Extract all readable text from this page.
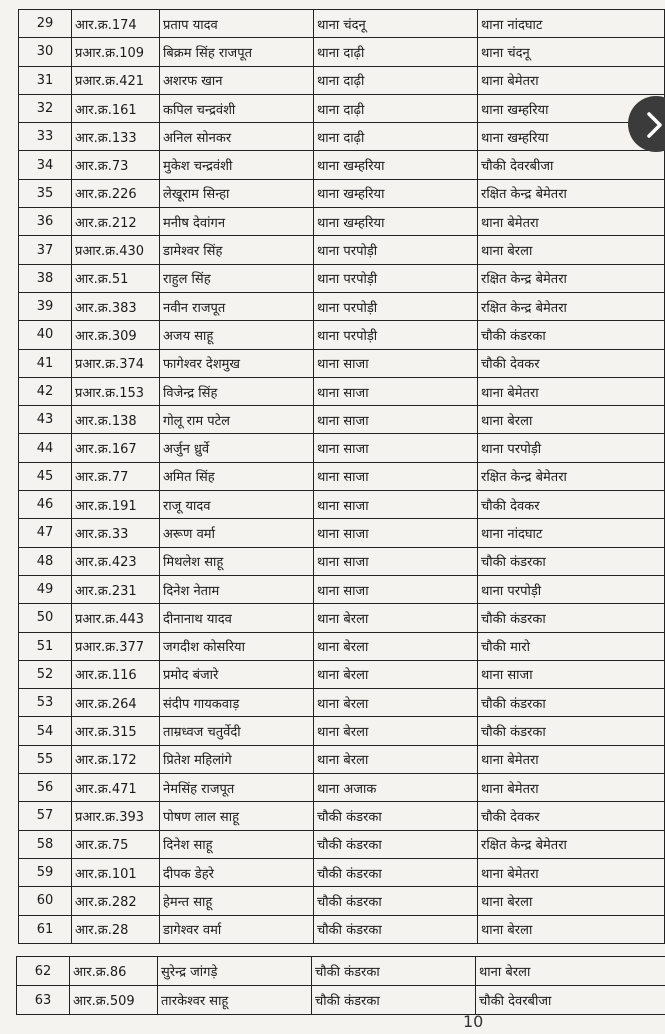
29	आर.क्र.174	प्रताप यादव	थाना चंदनू	थाना नांदघाट
30	प्रआर.क्र.109	बिक्रम सिंह राजपूत	थाना दाढ़ी	थाना चंदनू
31	प्रआर.क्र.421	अशरफ खान	थाना दाढ़ी	थाना बेमेतरा
32	आर.क्र.161	कपिल चन्द्रवंशी	थाना दाढ़ी	थाना खम्हरिया
33	आर.क्र.133	अनिल सोनकर	थाना दाढ़ी	थाना खम्हरिया
34	आर.क्र.73	मुकेश चन्द्रवंशी	थाना खम्हरिया	चौकी देवरबीजा
35	आर.क्र.226	लेखूराम सिन्हा	थाना खम्हरिया	रक्षित केन्द्र बेमेतरा
36	आर.क्र.212	मनीष देवांगन	थाना खम्हरिया	थाना बेमेतरा
37	प्रआर.क्र.430	डामेश्वर सिंह	थाना परपोड़ी	थाना बेरला
38	आर.क्र.51	राहुल सिंह	थाना परपोड़ी	रक्षित केन्द्र बेमेतरा
39	आर.क्र.383	नवीन राजपूत	थाना परपोड़ी	रक्षित केन्द्र बेमेतरा
40	आर.क्र.309	अजय साहू	थाना परपोड़ी	चौकी कंडरका
41	प्रआर.क्र.374	फागेश्वर देशमुख	थाना साजा	चौकी देवकर
42	प्रआर.क्र.153	विजेन्द्र सिंह	थाना साजा	थाना बेमेतरा
43	आर.क्र.138	गोलू राम पटेल	थाना साजा	थाना बेरला
44	आर.क्र.167	अर्जुन ध्रुर्वे	थाना साजा	थाना परपोड़ी
45	आर.क्र.77	अमित सिंह	थाना साजा	रक्षित केन्द्र बेमेतरा
46	आर.क्र.191	राजू यादव	थाना साजा	चौकी देवकर
47	आर.क्र.33	अरूण वर्मा	थाना साजा	थाना नांदघाट
48	आर.क्र.423	मिथलेश साहू	थाना साजा	चौकी कंडरका
49	आर.क्र.231	दिनेश नेताम	थाना साजा	थाना परपोड़ी
50	प्रआर.क्र.443	दीनानाथ यादव	थाना बेरला	चौकी कंडरका
51	प्रआर.क्र.377	जगदीश कोसरिया	थाना बेरला	चौकी मारो
52	आर.क्र.116	प्रमोद बंजारे	थाना बेरला	थाना साजा
53	आर.क्र.264	संदीप गायकवाड़	थाना बेरला	चौकी कंडरका
54	आर.क्र.315	ताम्रध्वज चतुर्वेदी	थाना बेरला	चौकी कंडरका
55	आर.क्र.172	प्रितेश महिलांगे	थाना बेरला	थाना बेमेतरा
56	आर.क्र.471	नेमसिंह राजपूत	थाना अजाक	थाना बेमेतरा
57	प्रआर.क्र.393	पोषण लाल साहू	चौकी कंडरका	चौकी देवकर
58	आर.क्र.75	दिनेश साहू	चौकी कंडरका	रक्षित केन्द्र बेमेतरा
59	आर.क्र.101	दीपक डेहरे	चौकी कंडरका	थाना बेमेतरा
60	आर.क्र.282	हेमन्त साहू	चौकी कंडरका	थाना बेरला
61	आर.क्र.28	डागेश्वर वर्मा	चौकी कंडरका	थाना बेरला
62	आर.क्र.86	सुरेन्द्र जांगड़े	चौकी कंडरका	थाना बेरला
63	आर.क्र.509	तारकेश्वर साहू	चौकी कंडरका	चौकी देवरबीजा
10
